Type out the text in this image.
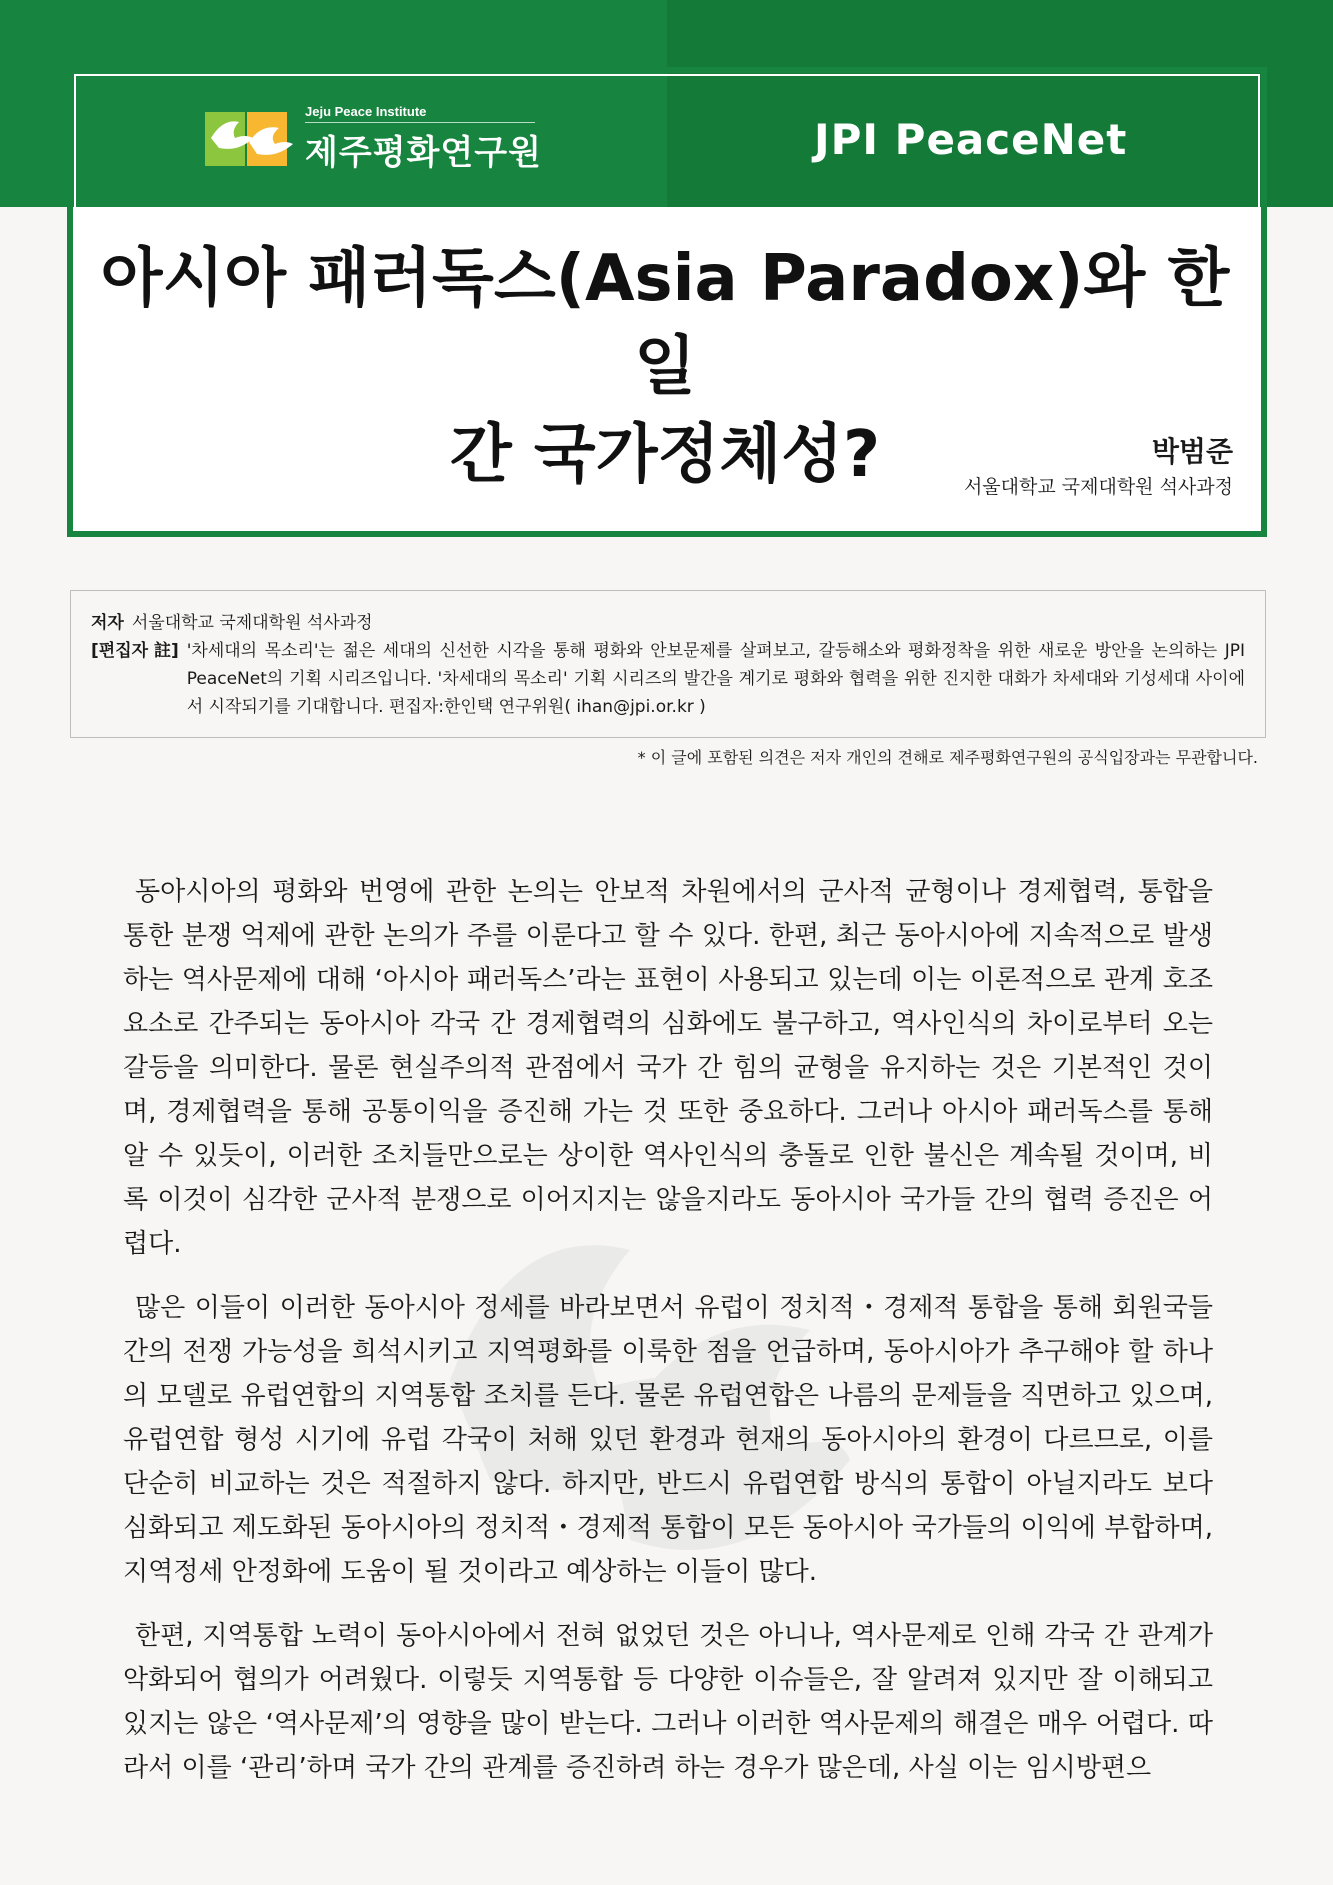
Jeju Peace Institute
제주평화연구원	JPI PeaceNet
아시아 패러독스(Asia Paradox)와 한일
간 국가정체성?	박범준
서울대학교 국제대학원 석사과정
저자 서울대학교 국제대학원 석사과정
[편집자 註] '차세대의 목소리'는 젊은 세대의 신선한 시각을 통해 평화와 안보문제를 살펴보고, 갈등해소와 평화정착을 위한 새로운 방안을 논의하는 JPI PeaceNet의 기획 시리즈입니다. '차세대의 목소리' 기획 시리즈의 발간을 계기로 평화와 협력을 위한 진지한 대화가 차세대와 기성세대 사이에서 시작되기를 기대합니다. 편집자:한인택 연구위원( ihan@jpi.or.kr )
* 이 글에 포함된 의견은 저자 개인의 견해로 제주평화연구원의 공식입장과는 무관합니다.

동아시아의 평화와 번영에 관한 논의는 안보적 차원에서의 군사적 균형이나 경제협력, 통합을 통한 분쟁 억제에 관한 논의가 주를 이룬다고 할 수 있다. 한편, 최근 동아시아에 지속적으로 발생하는 역사문제에 대해 ‘아시아 패러독스’라는 표현이 사용되고 있는데 이는 이론적으로 관계 호조 요소로 간주되는 동아시아 각국 간 경제협력의 심화에도 불구하고, 역사인식의 차이로부터 오는 갈등을 의미한다. 물론 현실주의적 관점에서 국가 간 힘의 균형을 유지하는 것은 기본적인 것이며, 경제협력을 통해 공통이익을 증진해 가는 것 또한 중요하다. 그러나 아시아 패러독스를 통해 알 수 있듯이, 이러한 조치들만으로는 상이한 역사인식의 충돌로 인한 불신은 계속될 것이며, 비록 이것이 심각한 군사적 분쟁으로 이어지지는 않을지라도 동아시아 국가들 간의 협력 증진은 어렵다.

많은 이들이 이러한 동아시아 정세를 바라보면서 유럽이 정치적・경제적 통합을 통해 회원국들 간의 전쟁 가능성을 희석시키고 지역평화를 이룩한 점을 언급하며, 동아시아가 추구해야 할 하나의 모델로 유럽연합의 지역통합 조치를 든다. 물론 유럽연합은 나름의 문제들을 직면하고 있으며, 유럽연합 형성 시기에 유럽 각국이 처해 있던 환경과 현재의 동아시아의 환경이 다르므로, 이를 단순히 비교하는 것은 적절하지 않다. 하지만, 반드시 유럽연합 방식의 통합이 아닐지라도 보다 심화되고 제도화된 동아시아의 정치적・경제적 통합이 모든 동아시아 국가들의 이익에 부합하며, 지역정세 안정화에 도움이 될 것이라고 예상하는 이들이 많다.

한편, 지역통합 노력이 동아시아에서 전혀 없었던 것은 아니나, 역사문제로 인해 각국 간 관계가 악화되어 협의가 어려웠다. 이렇듯 지역통합 등 다양한 이슈들은, 잘 알려져 있지만 잘 이해되고 있지는 않은 ‘역사문제’의 영향을 많이 받는다. 그러나 이러한 역사문제의 해결은 매우 어렵다. 따라서 이를 ‘관리’하며 국가 간의 관계를 증진하려 하는 경우가 많은데, 사실 이는 임시방편으
